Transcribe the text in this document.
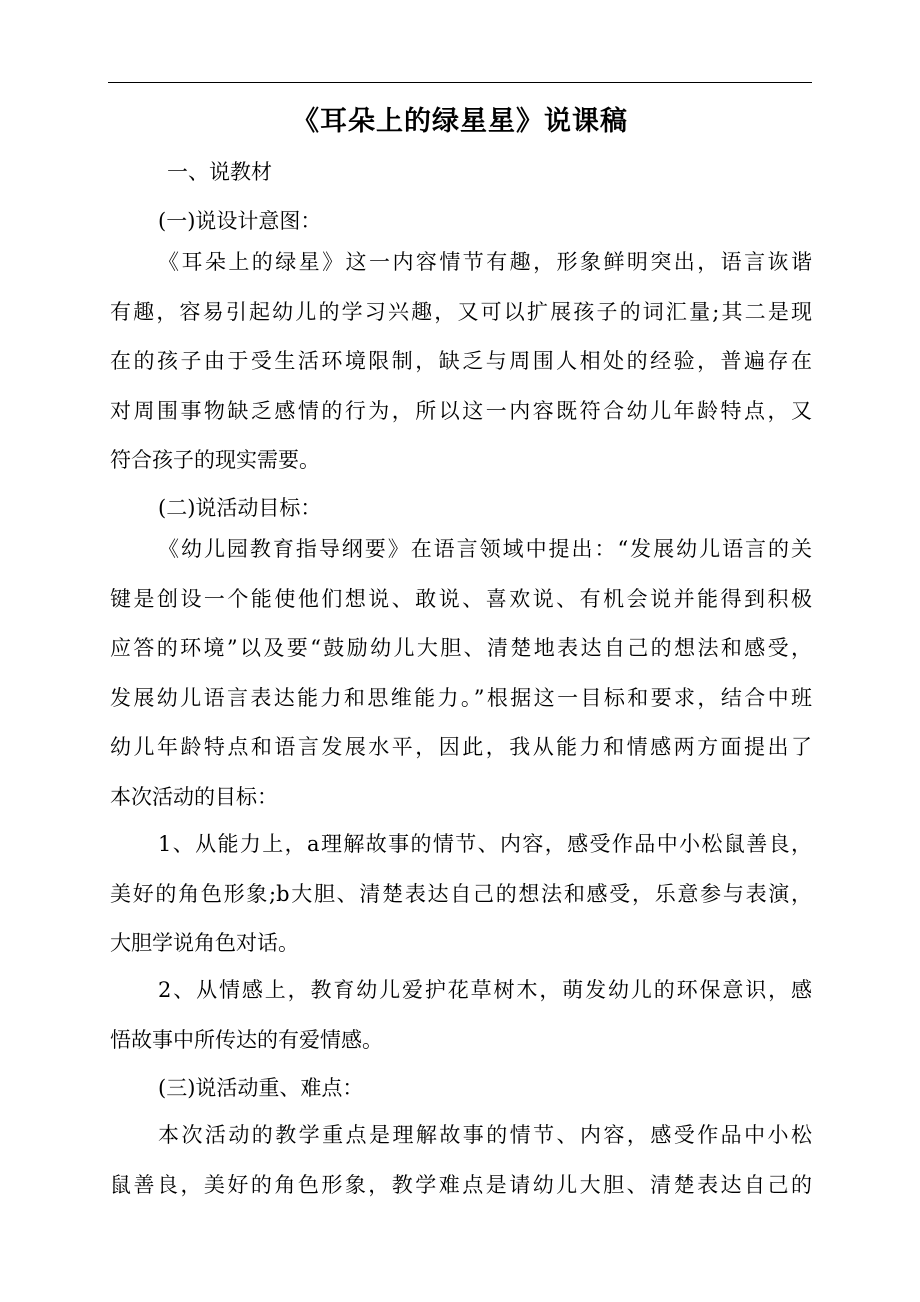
《耳朵上的绿星星》说课稿
一、说教材
(一)说设计意图：
《耳朵上的绿星》这一内容情节有趣，形象鲜明突出，语言诙谐
有趣，容易引起幼儿的学习兴趣，又可以扩展孩子的词汇量;其二是现
在的孩子由于受生活环境限制，缺乏与周围人相处的经验，普遍存在
对周围事物缺乏感情的行为，所以这一内容既符合幼儿年龄特点，又
符合孩子的现实需要。
(二)说活动目标：
《幼儿园教育指导纲要》在语言领域中提出：“发展幼儿语言的关
键是创设一个能使他们想说、敢说、喜欢说、有机会说并能得到积极
应答的环境”以及要“鼓励幼儿大胆、清楚地表达自己的想法和感受，
发展幼儿语言表达能力和思维能力。”根据这一目标和要求，结合中班
幼儿年龄特点和语言发展水平，因此，我从能力和情感两方面提出了
本次活动的目标：
1、从能力上，a理解故事的情节、内容，感受作品中小松鼠善良，
美好的角色形象;b大胆、清楚表达自己的想法和感受，乐意参与表演，
大胆学说角色对话。
2、从情感上，教育幼儿爱护花草树木，萌发幼儿的环保意识，感
悟故事中所传达的有爱情感。
(三)说活动重、难点：
本次活动的教学重点是理解故事的情节、内容，感受作品中小松
鼠善良，美好的角色形象，教学难点是请幼儿大胆、清楚表达自己的
